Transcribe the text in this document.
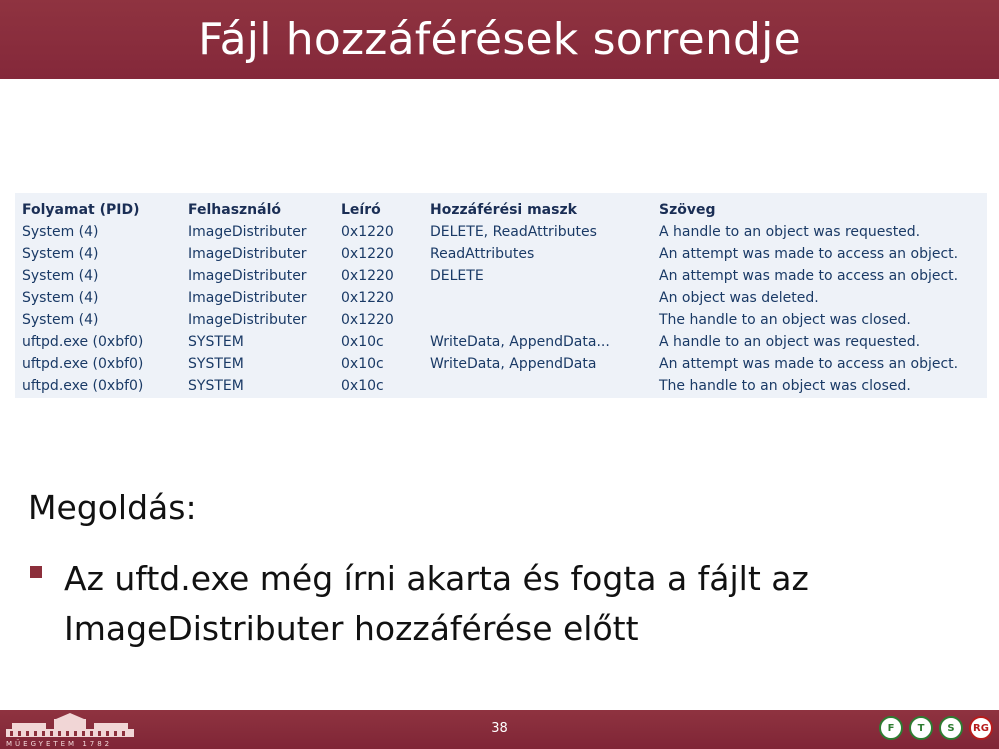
Fájl hozzáférések sorrendje
Folyamat (PID)	Felhasználó	Leíró	Hozzáférési maszk	Szöveg
System (4)	ImageDistributer	0x1220	DELETE, ReadAttributes	A handle to an object was requested.
System (4)	ImageDistributer	0x1220	ReadAttributes	An attempt was made to access an object.
System (4)	ImageDistributer	0x1220	DELETE	An attempt was made to access an object.
System (4)	ImageDistributer	0x1220		An object was deleted.
System (4)	ImageDistributer	0x1220		The handle to an object was closed.
uftpd.exe (0xbf0)	SYSTEM	0x10c	WriteData, AppendData...	A handle to an object was requested.
uftpd.exe (0xbf0)	SYSTEM	0x10c	WriteData, AppendData	An attempt was made to access an object.
uftpd.exe (0xbf0)	SYSTEM	0x10c		The handle to an object was closed.
Megoldás:
Az uftd.exe még írni akarta és fogta a fájlt az ImageDistributer hozzáférése előtt
MŰEGYETEM 1782
38	F	T	S	RG
